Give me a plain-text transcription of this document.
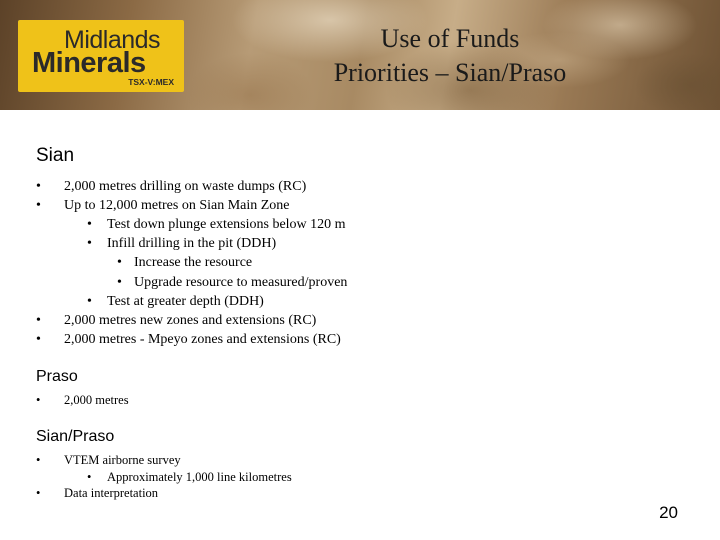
Midlands
Minerals
TSX-V:MEX
Use of Funds
Priorities – Sian/Praso
Sian
• 2,000 metres drilling on waste dumps (RC)
• Up to 12,000 metres on Sian Main Zone
• Test down plunge extensions below 120 m
• Infill drilling in the pit (DDH)
• Increase the resource
• Upgrade resource to measured/proven
• Test at greater depth (DDH)
• 2,000 metres new zones and extensions (RC)
• 2,000 metres - Mpeyo zones and extensions (RC)
Praso
• 2,000 metres
Sian/Praso
• VTEM airborne survey
• Approximately 1,000 line kilometres
• Data interpretation
20
